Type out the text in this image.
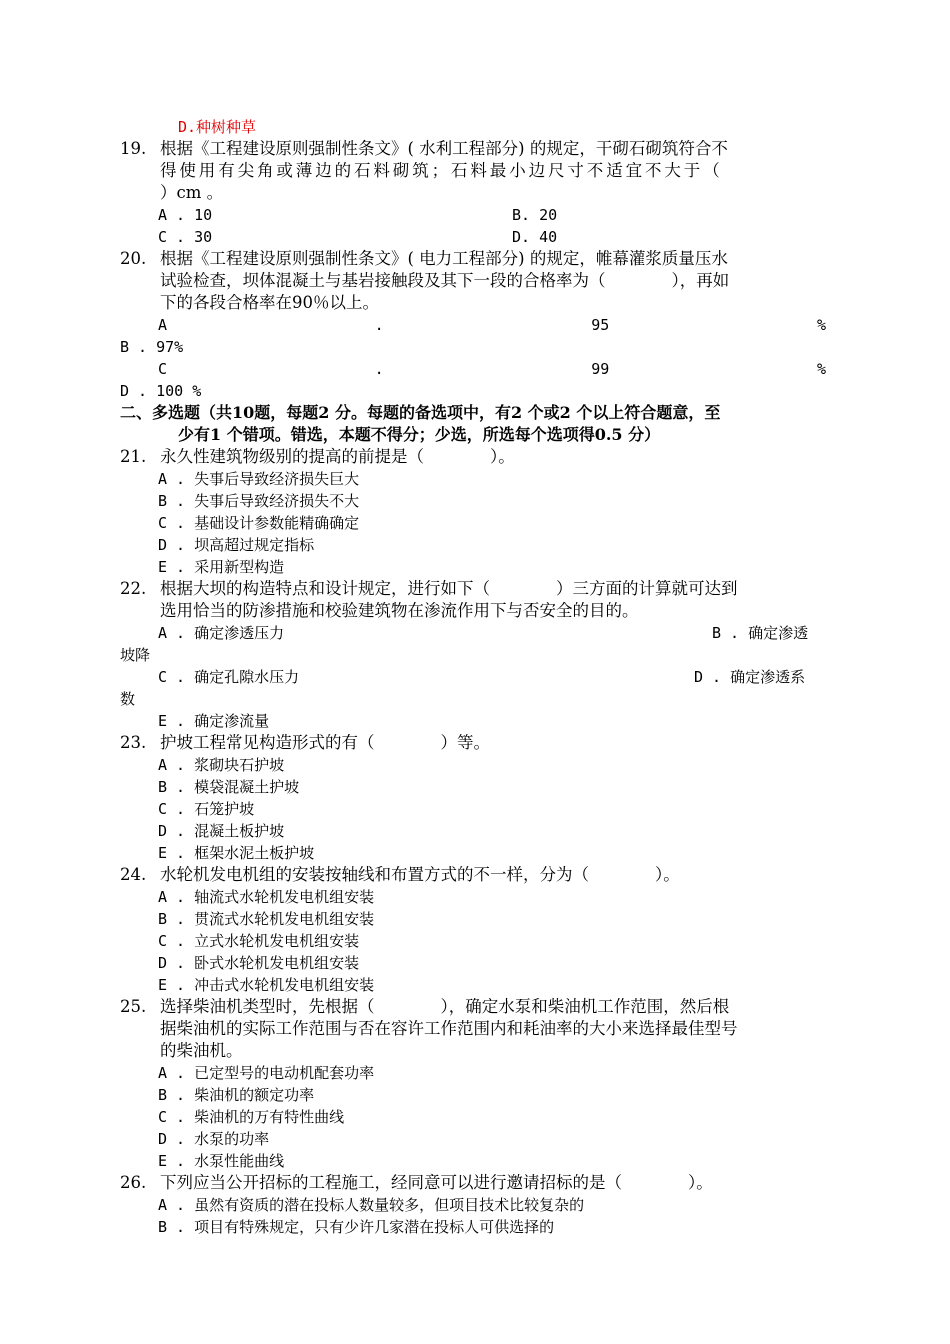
D.种树种草
19. 根据《工程建设原则强制性条文》( 水利工程部分) 的规定，干砌石砌筑符合不
得使用有尖角或薄边的石料砌筑；石料最小边尺寸不适宜不大于（
）cm 。
A . 10	B. 20
C . 30	D. 40
20. 根据《工程建设原则强制性条文》( 电力工程部分) 的规定，帷幕灌浆质量压水
试验检查，坝体混凝土与基岩接触段及其下一段的合格率为（　　　　），再如
下的各段合格率在90％以上。
A	.	95	%
B . 97%
C	.	99	%
D . 100 %
二、多选题（共10题，每题2 分。每题的备选项中，有2 个或2 个以上符合题意，至
少有1 个错项。错选，本题不得分；少选，所选每个选项得0.5 分）
21. 永久性建筑物级别的提高的前提是（　　　　）。
A . 失事后导致经济损失巨大
B . 失事后导致经济损失不大
C . 基础设计参数能精确确定
D . 坝高超过规定指标
E . 采用新型构造
22. 根据大坝的构造特点和设计规定，进行如下（　　　　）三方面的计算就可达到
选用恰当的防渗措施和校验建筑物在渗流作用下与否安全的目的。
A . 确定渗透压力	B . 确定渗透
坡降
C . 确定孔隙水压力	D . 确定渗透系
数
E . 确定渗流量
23. 护坡工程常见构造形式的有（　　　　）等。
A . 浆砌块石护坡
B . 模袋混凝土护坡
C . 石笼护坡
D . 混凝土板护坡
E . 框架水泥土板护坡
24. 水轮机发电机组的安装按轴线和布置方式的不一样，分为（　　　　）。
A . 轴流式水轮机发电机组安装
B . 贯流式水轮机发电机组安装
C . 立式水轮机发电机组安装
D . 卧式水轮机发电机组安装
E . 冲击式水轮机发电机组安装
25. 选择柴油机类型时，先根据（　　　　），确定水泵和柴油机工作范围，然后根
据柴油机的实际工作范围与否在容许工作范围内和耗油率的大小来选择最佳型号
的柴油机。
A . 已定型号的电动机配套功率
B . 柴油机的额定功率
C . 柴油机的万有特性曲线
D . 水泵的功率
E . 水泵性能曲线
26. 下列应当公开招标的工程施工，经同意可以进行邀请招标的是（　　　　）。
A . 虽然有资质的潜在投标人数量较多，但项目技术比较复杂的
B . 项目有特殊规定，只有少许几家潜在投标人可供选择的
